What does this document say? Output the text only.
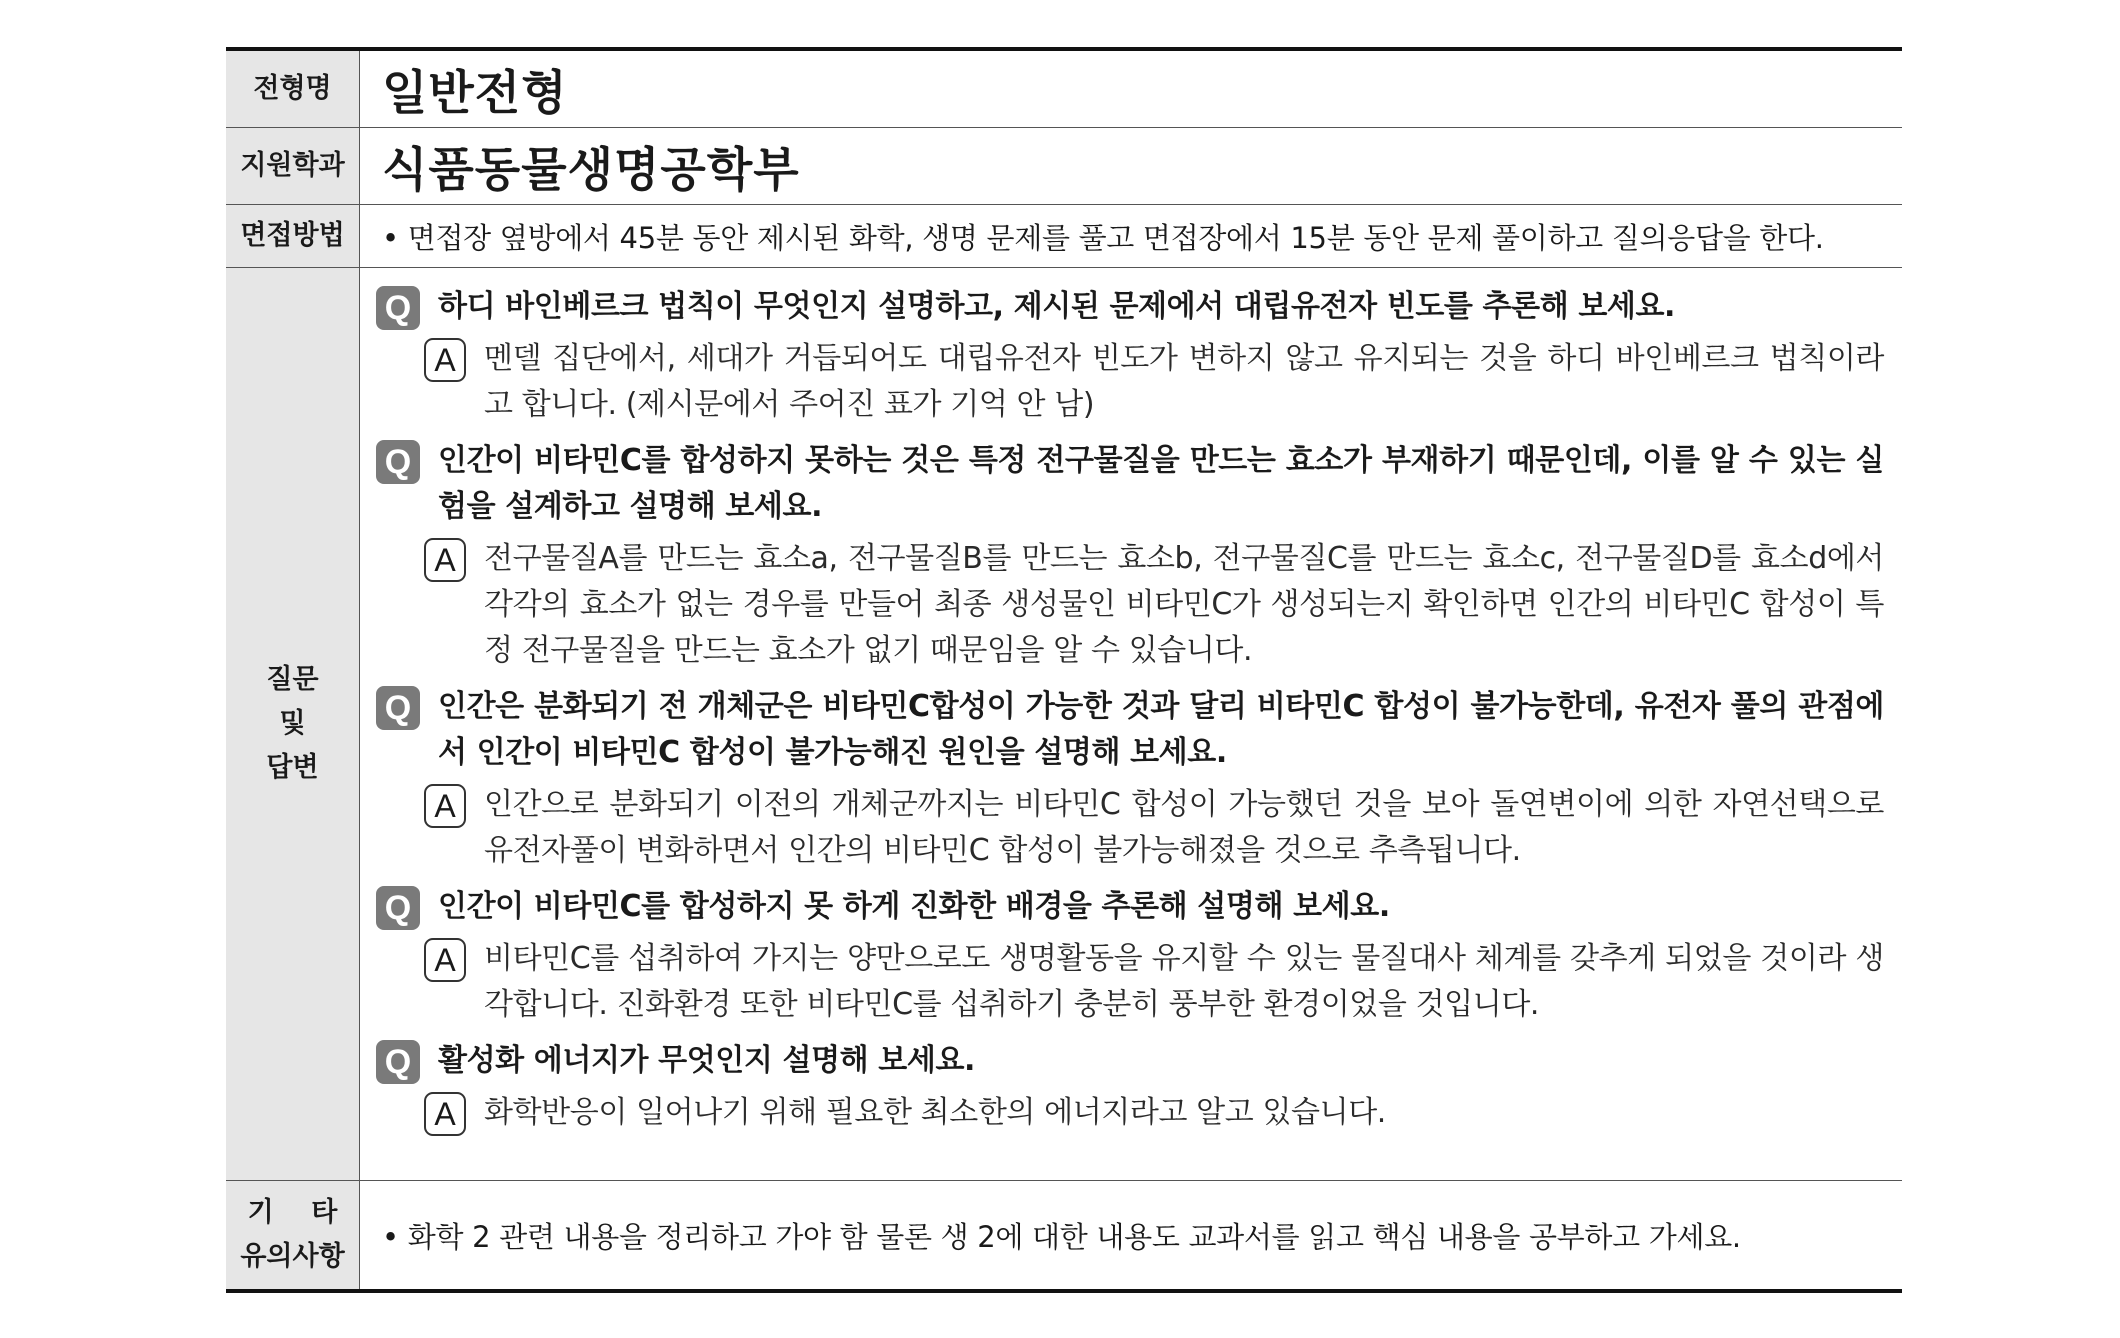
전형명	일반전형
지원학과 식품동물생명공학부
면접방법	• 면접장 옆방에서 45분 동안 제시된 화학, 생명 문제를 풀고 면접장에서 15분 동안 문제 풀이하고 질의응답을 한다.
질문
및
답변
Q 하디 바인베르크 법칙이 무엇인지 설명하고, 제시된 문제에서 대립유전자 빈도를 추론해 보세요.
A 멘델 집단에서, 세대가 거듭되어도 대립유전자 빈도가 변하지 않고 유지되는 것을 하디 바인베르크 법칙이라고 합니다. (제시문에서 주어진 표가 기억 안 남)
Q 인간이 비타민C를 합성하지 못하는 것은 특정 전구물질을 만드는 효소가 부재하기 때문인데, 이를 알 수 있는 실험을 설계하고 설명해 보세요.
A 전구물질A를 만드는 효소a, 전구물질B를 만드는 효소b, 전구물질C를 만드는 효소c, 전구물질D를 효소d에서 각각의 효소가 없는 경우를 만들어 최종 생성물인 비타민C가 생성되는지 확인하면 인간의 비타민C 합성이 특정 전구물질을 만드는 효소가 없기 때문임을 알 수 있습니다.
Q 인간은 분화되기 전 개체군은 비타민C합성이 가능한 것과 달리 비타민C 합성이 불가능한데, 유전자 풀의 관점에서 인간이 비타민C 합성이 불가능해진 원인을 설명해 보세요.
A 인간으로 분화되기 이전의 개체군까지는 비타민C 합성이 가능했던 것을 보아 돌연변이에 의한 자연선택으로 유전자풀이 변화하면서 인간의 비타민C 합성이 불가능해졌을 것으로 추측됩니다.
Q 인간이 비타민C를 합성하지 못 하게 진화한 배경을 추론해 설명해 보세요.
A 비타민C를 섭취하여 가지는 양만으로도 생명활동을 유지할 수 있는 물질대사 체계를 갖추게 되었을 것이라 생각합니다. 진화환경 또한 비타민C를 섭취하기 충분히 풍부한 환경이었을 것입니다.
Q 활성화 에너지가 무엇인지 설명해 보세요.
A 화학반응이 일어나기 위해 필요한 최소한의 에너지라고 알고 있습니다.
기    타
유의사항
• 화학 2 관련 내용을 정리하고 가야 함 물론 생 2에 대한 내용도 교과서를 읽고 핵심 내용을 공부하고 가세요.
